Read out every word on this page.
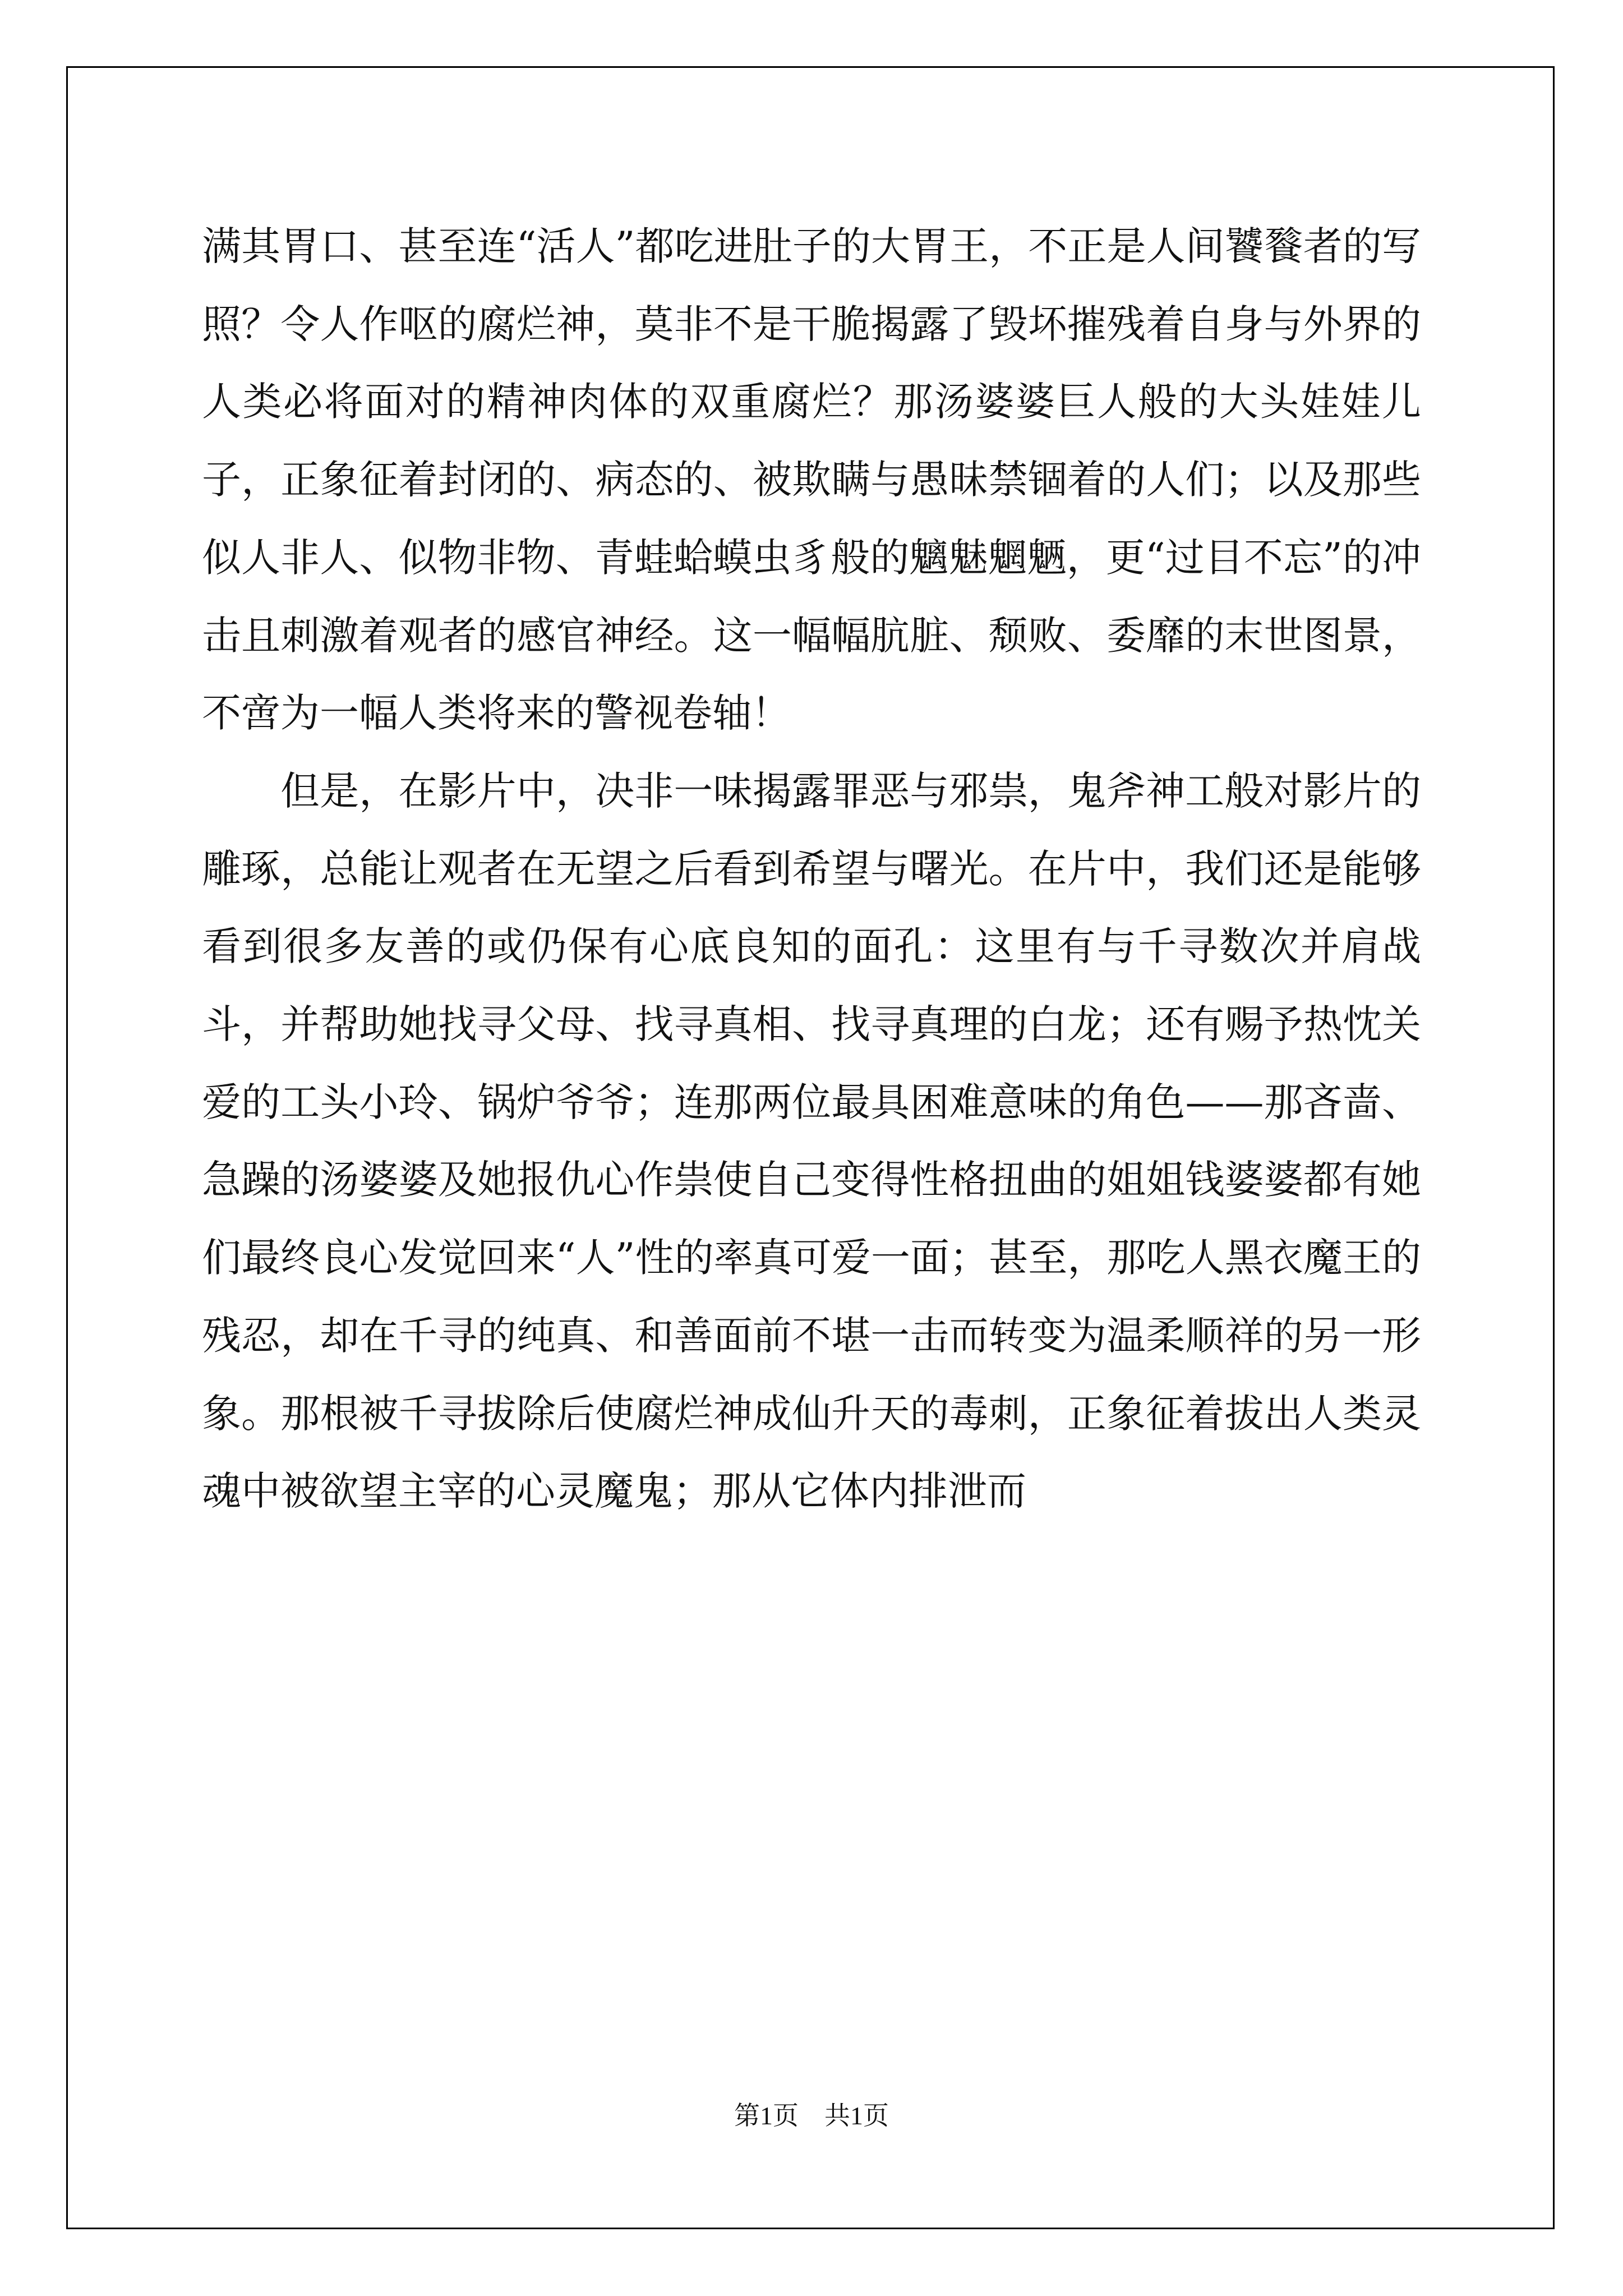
满其胃口、甚至连“活人”都吃进肚子的大胃王，不正是人间饕餮者的写照？令人作呕的腐烂神，莫非不是干脆揭露了毁坏摧残着自身与外界的人类必将面对的精神肉体的双重腐烂？那汤婆婆巨人般的大头娃娃儿子，正象征着封闭的、病态的、被欺瞒与愚昧禁锢着的人们；以及那些似人非人、似物非物、青蛙蛤蟆虫豸般的魑魅魍魉，更“过目不忘”的冲击且刺激着观者的感官神经。这一幅幅肮脏、颓败、委靡的末世图景，不啻为一幅人类将来的警视卷轴！

但是，在影片中，决非一味揭露罪恶与邪祟，鬼斧神工般对影片的雕琢，总能让观者在无望之后看到希望与曙光。在片中，我们还是能够看到很多友善的或仍保有心底良知的面孔：这里有与千寻数次并肩战斗，并帮助她找寻父母、找寻真相、找寻真理的白龙；还有赐予热忱关爱的工头小玲、锅炉爷爷；连那两位最具困难意味的角色——那吝啬、急躁的汤婆婆及她报仇心作祟使自己变得性格扭曲的姐姐钱婆婆都有她们最终良心发觉回来“人”性的率真可爱一面；甚至，那吃人黑衣魔王的残忍，却在千寻的纯真、和善面前不堪一击而转变为温柔顺祥的另一形象。那根被千寻拔除后使腐烂神成仙升天的毒刺，正象征着拔出人类灵魂中被欲望主宰的心灵魔鬼；那从它体内排泄而

第1页　共1页
